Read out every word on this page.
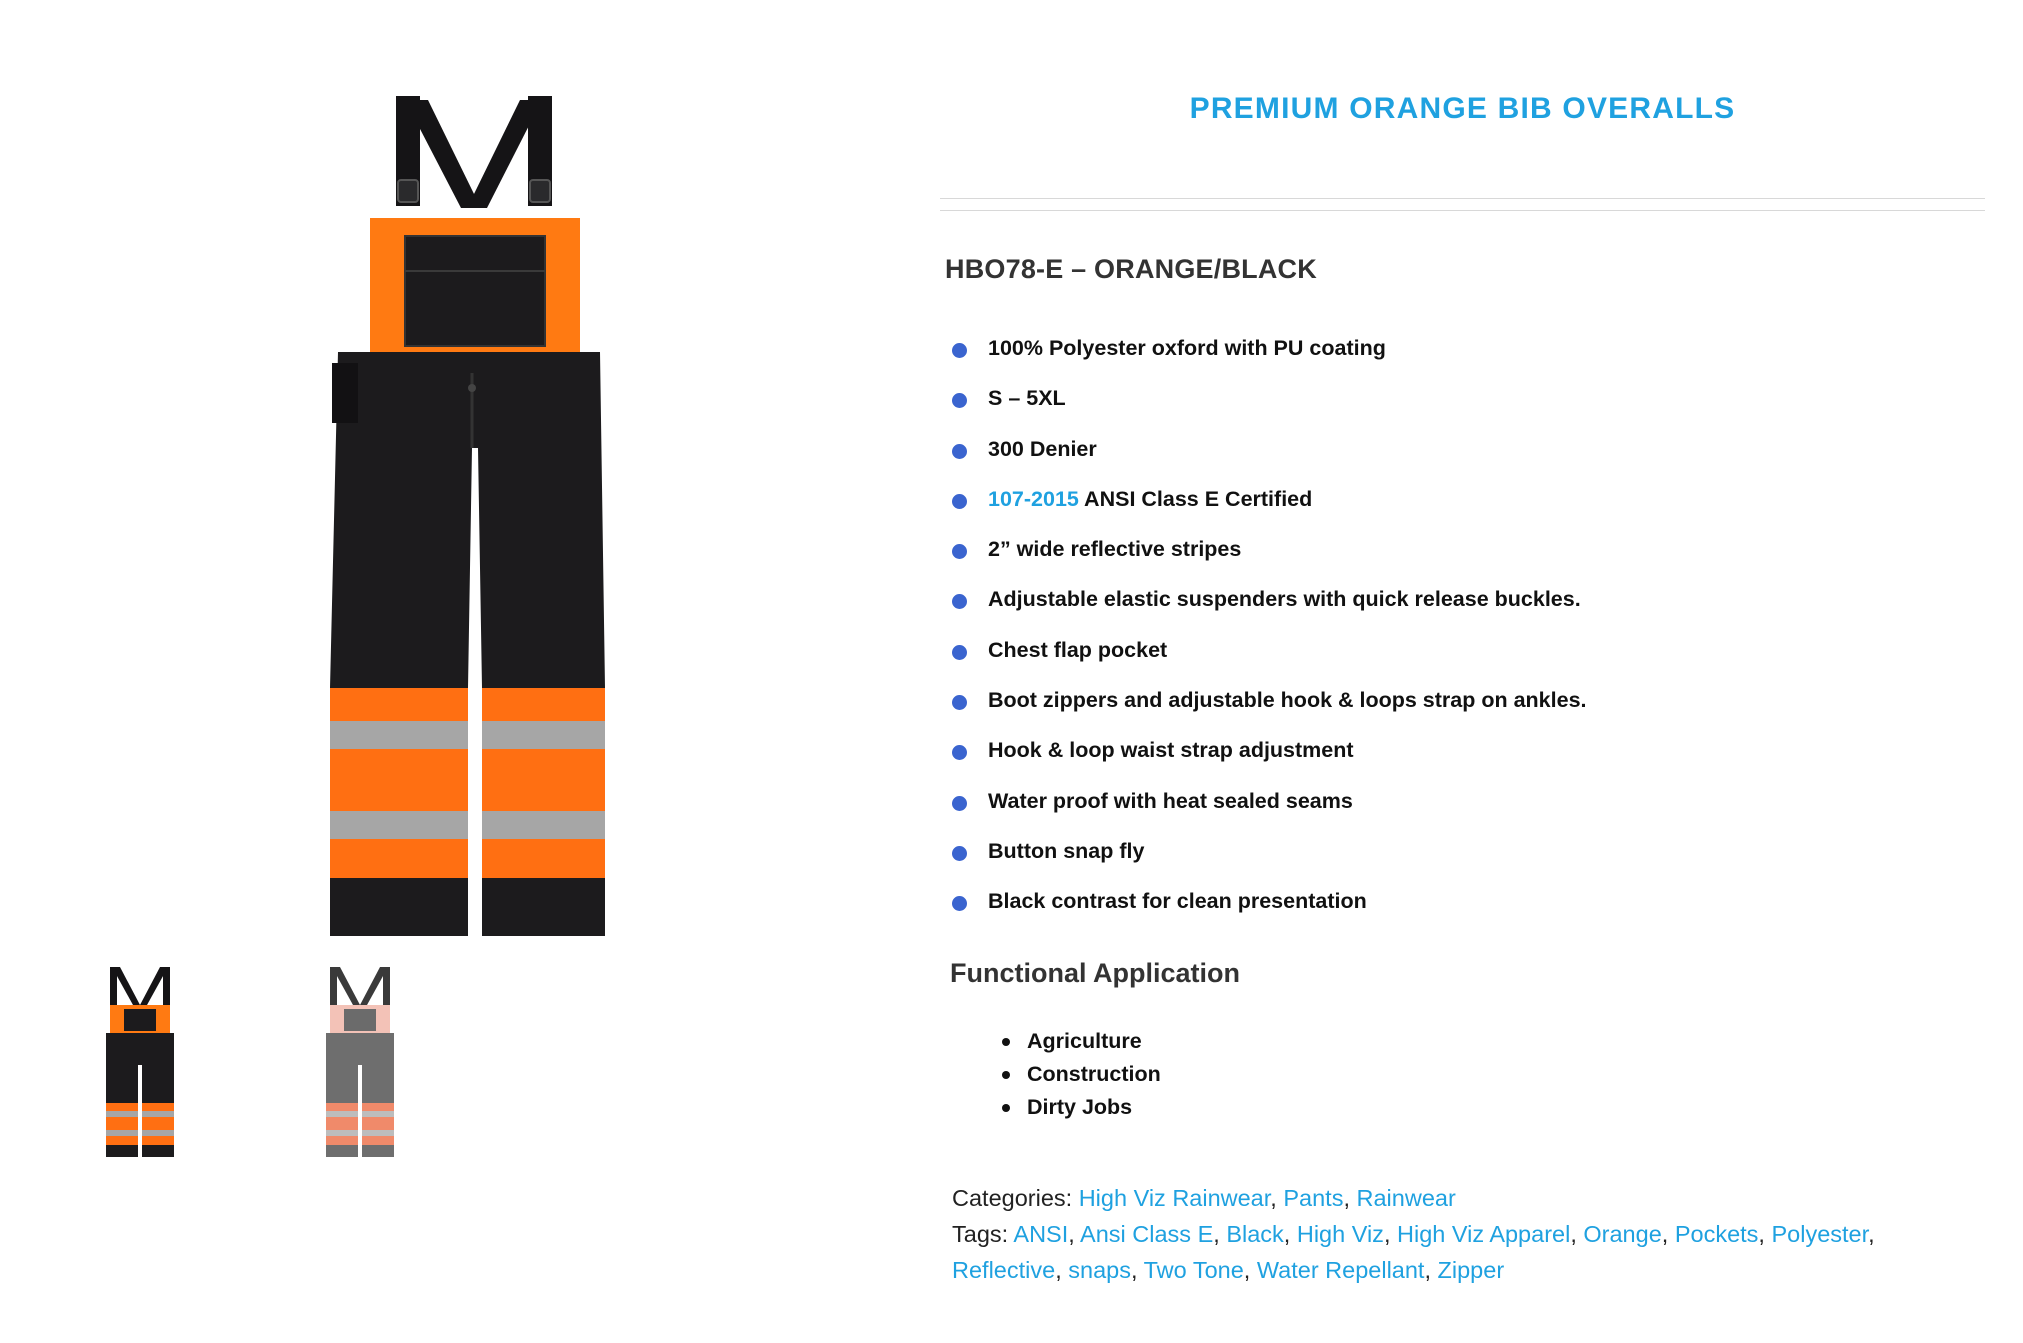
PREMIUM ORANGE BIB OVERALLS
HBO78-E – ORANGE/BLACK
100% Polyester oxford with PU coating
S – 5XL
300 Denier
107-2015 ANSI Class E Certified
2” wide reflective stripes
Adjustable elastic suspenders with quick release buckles.
Chest flap pocket
Boot zippers and adjustable hook & loops strap on ankles.
Hook & loop waist strap adjustment
Water proof with heat sealed seams
Button snap fly
Black contrast for clean presentation
Functional Application
Agriculture
Construction
Dirty Jobs
Categories: High Viz Rainwear, Pants, Rainwear
Tags: ANSI, Ansi Class E, Black, High Viz, High Viz Apparel, Orange, Pockets, Polyester, Reflective, snaps, Two Tone, Water Repellant, Zipper
